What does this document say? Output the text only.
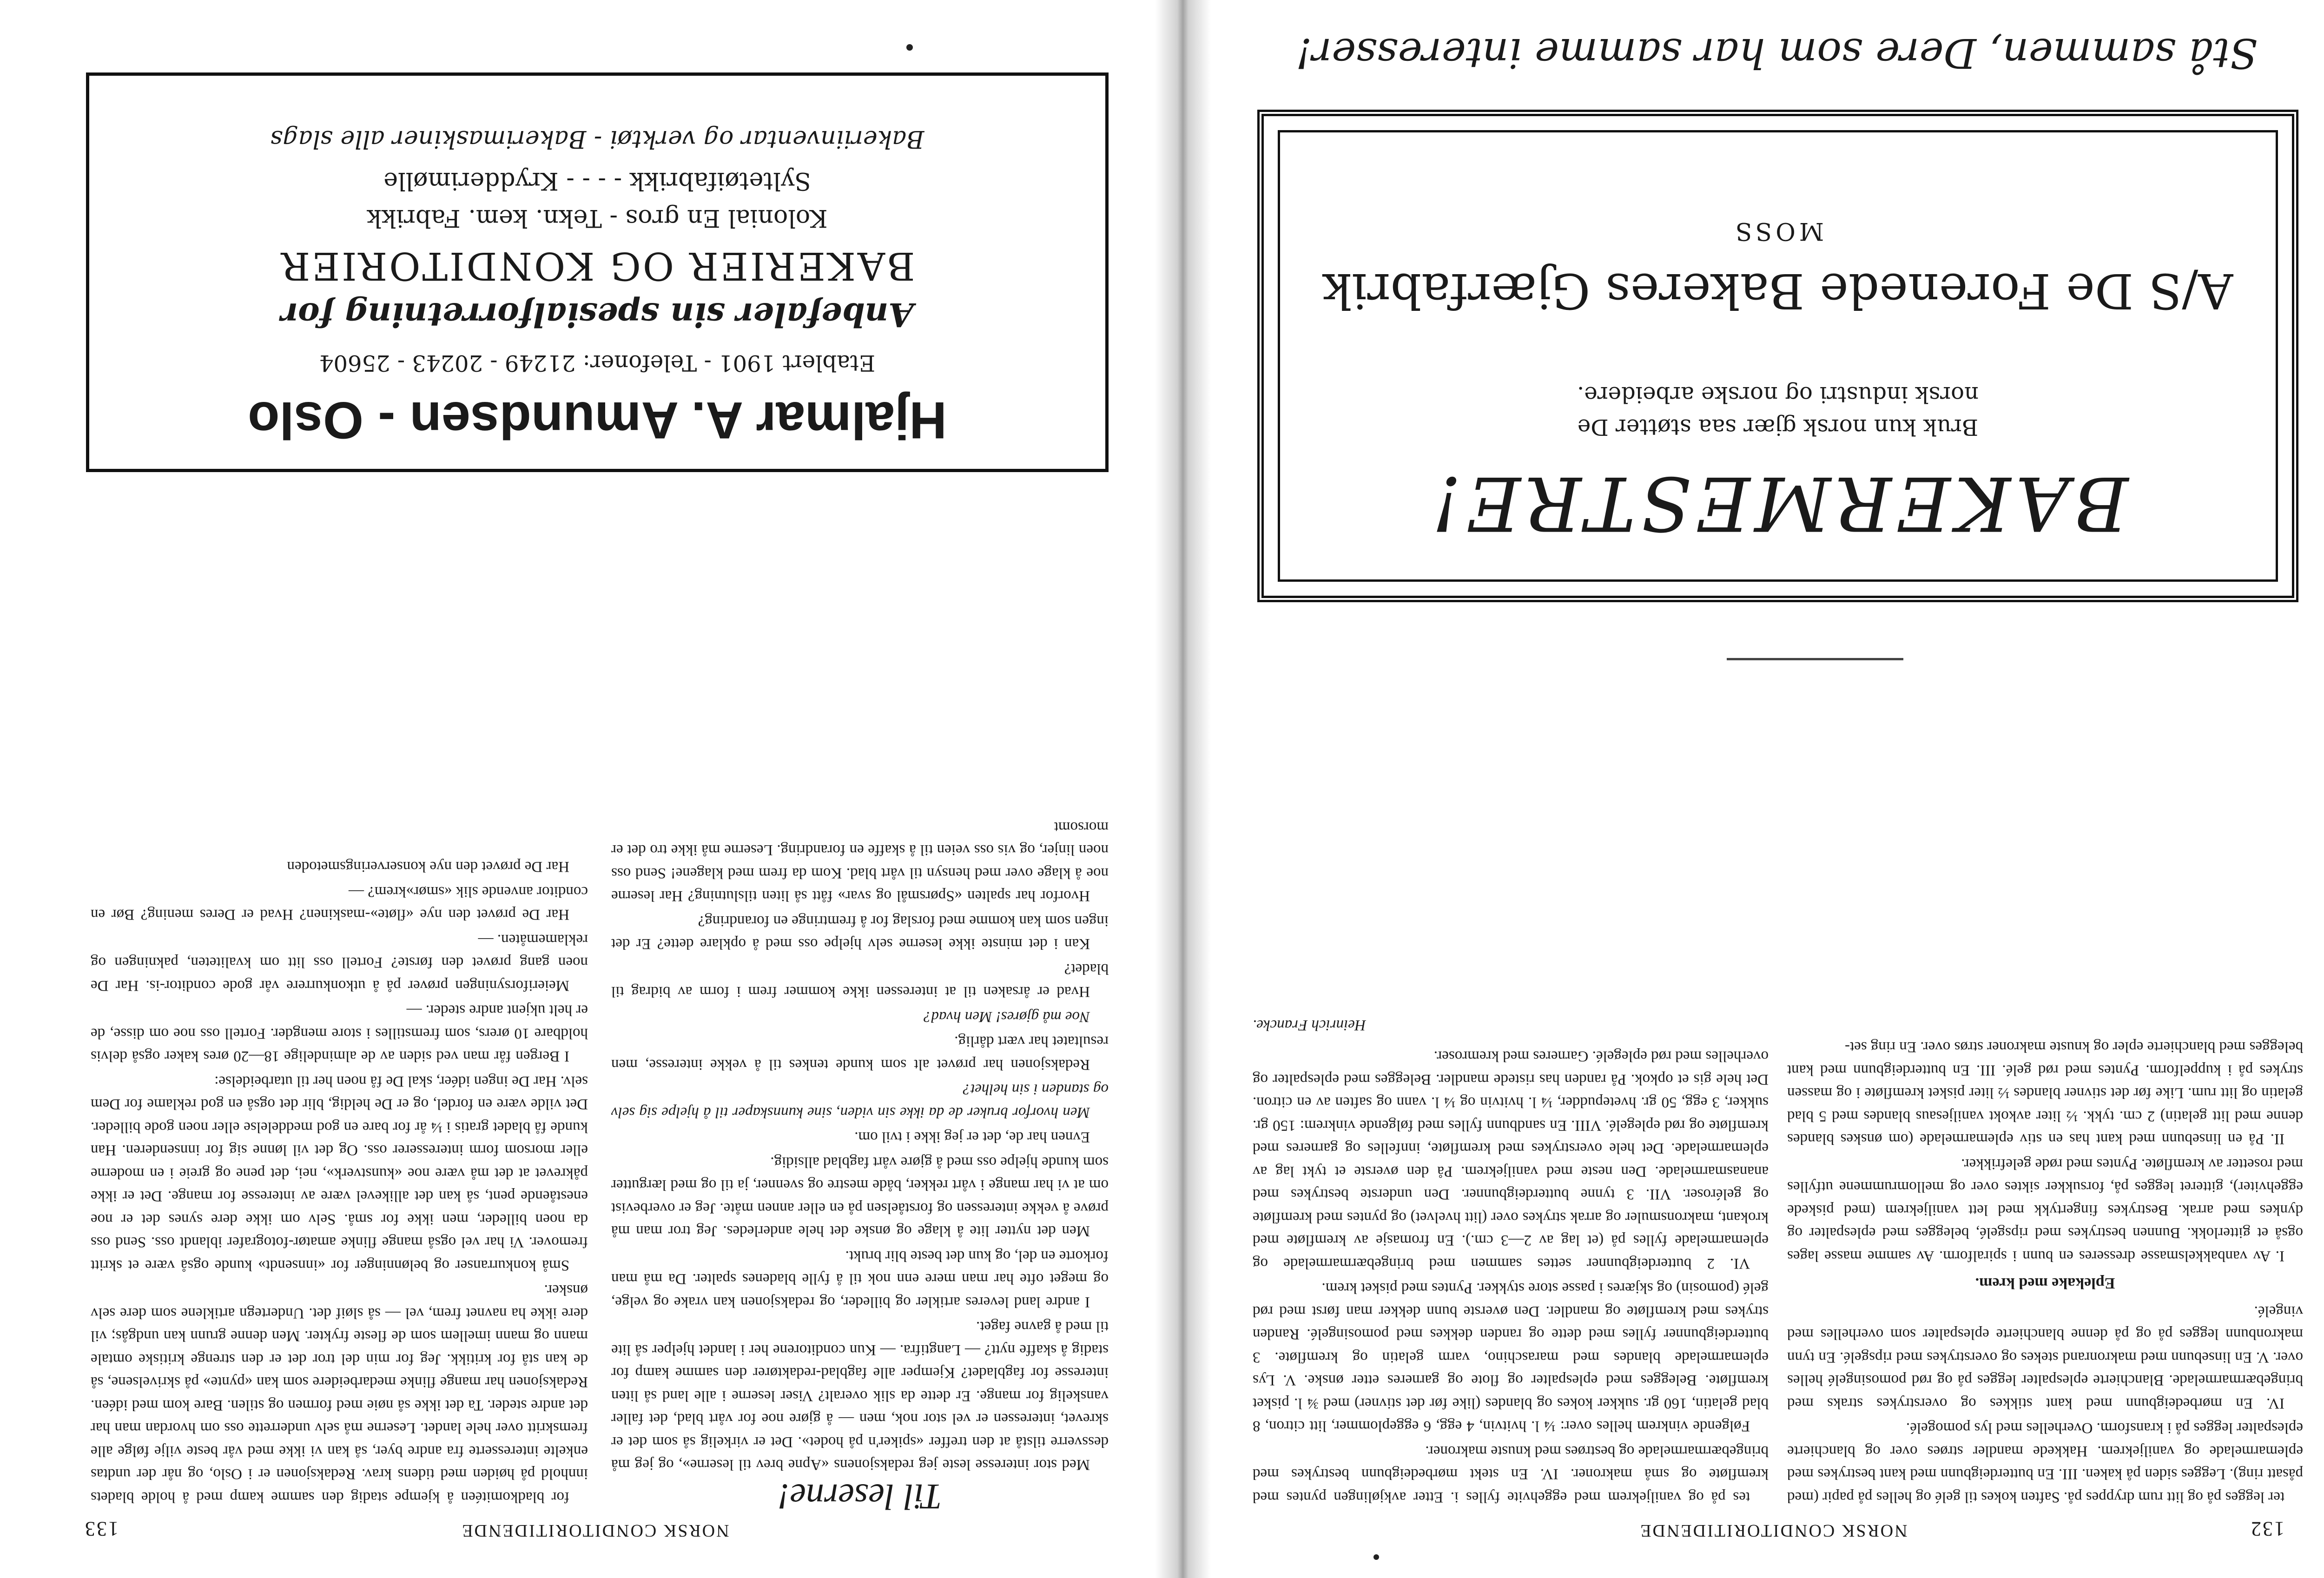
132
NORSK CONDITORITIDENDE

ter legges på og litt rum dryppes på. Saften kokes til gelé og helles på papir (med påsatt ring). Legges siden på kaken. III. En butterdeigbunn med kant bestrykes med eplemarmelade og vaniljekrem. Hakkede mandler strøes over og blanchierte eplespalter legges på i kransform. Overhelles med lys pomogelé.

IV. En mørbedeigbunn med kant stikkes og overstrykes straks med bringebærmarmelade. Blanchierte eplespalter legges på og rød pomosingelé helles over. V. En linsebunn med makronrand stekes og overstrykes med ripsgelé. En tynn makronbunn legges på og på denne blanchierte eplespalter som overhelles med vingelé.

Eplekake med krem.

I. Av vanbakkelsmasse dresseres en bunn i spiralform. Av samme masse lages også et gitterlokk. Bunnen bestrykes med ripsgelé, belegges med eplespalter og dynkes med arrak. Bestrykes fingertykk med lett vaniljekrem (med piskede eggehviter), gitteret legges på, forsukker siktes over og mellomrummene utfylles med rosetter av kremfløte. Pyntes med røde gelefrikker.

II. På en linsebunn med kant has en stiv eplemarmelade (om ønskes blandes denne med litt gelatin) 2 cm. tykk. ½ liter avkokt vaniljesaus blandes med 5 blad gelatin og litt rum. Like før det stivner blandes ½ liter pisket kremfløte i og massen strykes på i kuppelform. Pyntes med rød gelé. III. En butterdeigbunn med kant belegges med blanchierte epler og knuste makroner strøs over. En ring set-

tes på og vaniljekrem med eggehvite fylles i. Etter avkjølingen pyntes med kremfløte og små makroner. IV. En stekt mørbedeigbunn bestrykes med bringebærmarmelade og bestrøes med knuste makroner.

Følgende vinkrem helles over: ¼ l. hvitvin, 4 egg, 6 eggeplommer, litt citron, 8 blad gelatin, 160 gr. sukker kokes og blandes (like før det stivner) med ¾ l. pisket kremfløte. Belegges med eplespalter og flote og garneres etter ønske. V. Lys eplemarmelade blandes med maraschino, varm gelatin og kremfløte. 3 butterdeigbunner fylles med dette og randen dekkes med pomosingelé. Randen strykes med kremfløte og mandler. Den øverste bunn dekker man først med rød gelé (pomosin) og skjæres i passe store stykker. Pyntes med pisket krem.

VI. 2 butterdeigbunner settes sammen med bringebærmarmelade og eplemarmelade fylles på (et lag av 2—3 cm.). En fromasje av kremfløte med krokant, makronsmuler og arrak strykes over (litt hvelvet) og pyntes med kremfløte og geléroser. VII. 3 tynne butterdeigbunner. Den underste bestrykes med ananasmarmelade. Den neste med vaniljekrem. På den øverste et tykt lag av eplemarmelade. Det hele overstrykes med kremfløte, innfelles og garneres med kremfløte og rød eplegelé. VIII. En sandbunn fylles med følgende vinkrem: 150 gr. sukker, 3 egg, 50 gr. hvetepudder, ¼ l. hvitvin og ¼ l. vann og saften av en citron. Det hele gis et opkok. På randen has ristede mandler. Belegges med eplespalter og overhelles med rød eplegelé. Garneres med kremroser.

Heinrich Francke.
BAKERMESTRE!
Bruk kun norsk gjær saa støtter De
norsk industri og norske arbeidere.
A/S De Forenede Bakeres Gjærfabrik
MOSS
Stå sammen, Dere som har samme interesser!
NORSK CONDITORITIDENDE
133
Til leserne!

Med stor interesse leste jeg redaksjonens «Apne brev til leserne», og jeg må dessverre tilstå at den treffer «spiker'n på hodet». Det er virkelig så som det er skrevet, interessen er vel stor nok, men — å gjøre noe for vårt blad, det faller vanskelig for mange. Er dette da slik overalt? Viser leserne i alle land så liten interesse for fagbladet? Kjemper alle fagblad-redaktører den samme kamp for stadig å skaffe nytt? — Langtifra. — Kun conditorene her i landet hjelper så lite til med å gavne faget.

I andre land leveres artikler og billeder, og redaksjonen kan vrake og velge, og meget ofte har man mere enn nok til å fylle bladenes spalter. Da må man forkorte en del, og kun det beste blir brukt.

Men det nytter lite å klage og ønske det hele anderledes. Jeg tror man må prøve å vekke interessen og forståelsen på en eller annen måte. Jeg er overbevist om at vi har mange i vårt rekker, både mestre og svenner, ja til og med lærgutter som kunde hjelpe oss med å gjøre vårt fagblad allsidig.

Evnen har de, det er jeg ikke i tvil om.

Men hvorfor bruker de da ikke sin viden, sine kunnskaper til å hjelpe sig selv og standen i sin helhet?

Redaksjonen har prøvet alt som kunde tenkes til å vekke interesse, men resultatet har vært dårlig.

Noe må gjøres! Men hvad?

Hvad er årsaken til at interessen ikke kommer frem i form av bidrag til bladet?

Kan i det minste ikke leserne selv hjelpe oss med å opklare dette? Er det ingen som kan komme med forslag for å fremtringe en forandring?

Hvorfor har spalten «Spørsmål og svar» fått så liten tilslutning? Har leserne noe å klage over med hensyn til vårt blad. Kom da frem med klagene! Send oss noen linjer, og vis oss veien til å skaffe en forandring. Leserne må ikke tro det er morsomt

for bladkomitéen å kjempe stadig den samme kamp med å holde bladets innhold på høiden med tidens krav. Redaksjonen er i Oslo, og når der undtas enkelte interesserte fra andre byer, så kan vi ikke med vår beste vilje følge alle fremskritt over hele landet. Leserne må selv underrette oss om hvordan man har det andre steder. Ta det ikke så nøie med formen og stilen. Bare kom med idéen. Redaksjonen har mange flinke medarbeidere som kan «pynte» på skrivelsene, så de kan stå for kritikk. Jeg for min del tror det er den strenge kritiske omtale mann og mann imellem som de fleste frykter. Men denne grunn kan undgås; vil dere ikke ha navnet frem, vel — så sløif det. Undertegn artiklene som dere selv ønsker.

Små konkurranser og belønninger for «innsendt» kunde også være et skritt fremover. Vi har vel også mange flinke amatør-fotografer iblandt oss. Send oss da noen billeder, men ikke for små. Selv om ikke dere synes det er noe enestående pent, så kan det allikevel være av interesse for mange. Det er ikke påkrevet at det må være noe «kunstverk», nei, det pene og greie i en moderne eller morsom form interesserer oss. Og det vil lønne sig for innsenderen. Han kunde få bladet gratis i ¼ år for bare en god meddelelse eller noen gode billeder. Det vilde være en fordel, og er De heldig, blir det også en god reklame for Dem selv. Har De ingen idéer, skal De få noen her til utarbeidelse:

I Bergen får man ved siden av de almindelige 18—20 øres kaker også delvis holdbare 10 ørers, som fremstilles i store mengder. Fortell oss noe om disse, de er helt ukjent andre steder. —

Meieriforsyningen prøver på å utkonkurrere vår gode conditor-is. Har De noen gang prøvet den første? Fortell oss litt om kvaliteten, pakningen og reklamemåten. —

Har De prøvet den nye «fløte»-maskinen? Hvad er Deres mening? Bør en conditor anvende slik «smør»krem? —

Har De prøvet den nye konserveringsmetoden

Hjalmar A. Amundsen - Oslo
Etablert 1901 - Telefoner: 21249 - 20243 - 25604
Anbefaler sin spesialforretning for
BAKERIER OG KONDITORIER
Kolonial En gros - Tekn. kem. Fabrikk
Syltetøifabrikk - - - - Krydderimølle
Bakeriinventar og verktøi - Bakerimaskiner alle slags
